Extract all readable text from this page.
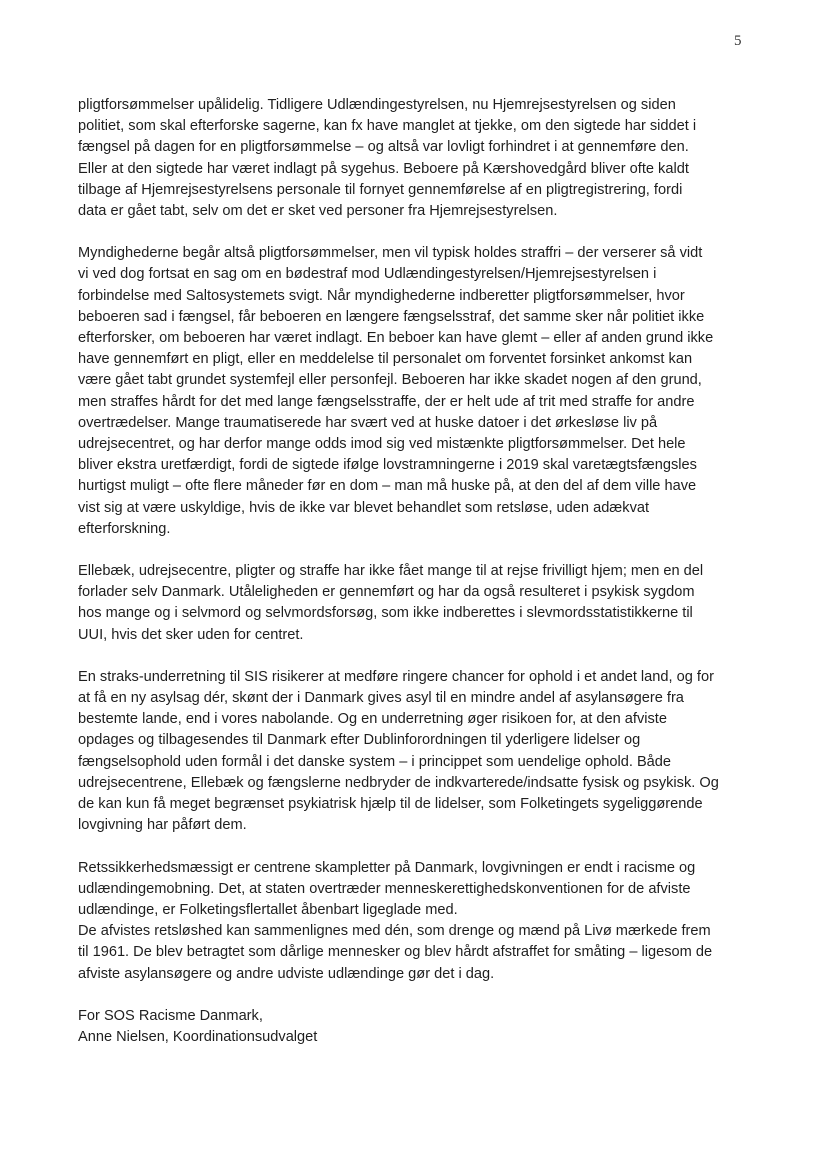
5

pligtforsømmelser upålidelig. Tidligere Udlændingestyrelsen, nu Hjemrejsestyrelsen og siden
politiet, som skal efterforske sagerne, kan fx have manglet at tjekke, om den sigtede har siddet i
fængsel på dagen for en pligtforsømmelse – og altså var lovligt forhindret i at gennemføre den.
Eller at den sigtede har været indlagt på sygehus. Beboere på Kærshovedgård bliver ofte kaldt
tilbage af Hjemrejsestyrelsens personale til fornyet gennemførelse af en pligtregistrering, fordi
data er gået tabt, selv om det er sket ved personer fra Hjemrejsestyrelsen.

Myndighederne begår altså pligtforsømmelser, men vil typisk holdes straffri – der verserer så vidt
vi ved dog fortsat en sag om en bødestraf mod Udlændingestyrelsen/Hjemrejsestyrelsen i
forbindelse med Saltosystemets svigt. Når myndighederne indberetter pligtforsømmelser, hvor
beboeren sad i fængsel, får beboeren en længere fængselsstraf, det samme sker når politiet ikke
efterforsker, om beboeren har været indlagt. En beboer kan have glemt – eller af anden grund ikke
have gennemført en pligt, eller en meddelelse til personalet om forventet forsinket ankomst kan
være gået tabt grundet systemfejl eller personfejl. Beboeren har ikke skadet nogen af den grund,
men straffes hårdt for det med lange fængselsstraffe, der er helt ude af trit med straffe for andre
overtrædelser. Mange traumatiserede har svært ved at huske datoer i det ørkesløse liv på
udrejsecentret, og har derfor mange odds imod sig ved mistænkte pligtforsømmelser. Det hele
bliver ekstra uretfærdigt, fordi de sigtede ifølge lovstramningerne i 2019 skal varetægtsfængsles
hurtigst muligt – ofte flere måneder før en dom – man må huske på, at den del af dem ville have
vist sig at være uskyldige, hvis de ikke var blevet behandlet som retsløse, uden adækvat
efterforskning.

Ellebæk, udrejsecentre, pligter og straffe har ikke fået mange til at rejse frivilligt hjem; men en del
forlader selv Danmark. Utåleligheden er gennemført og har da også resulteret i psykisk sygdom
hos mange og i selvmord og selvmordsforsøg, som ikke indberettes i slevmordsstatistikkerne til
UUI, hvis det sker uden for centret.

En straks-underretning til SIS risikerer at medføre ringere chancer for ophold i et andet land, og for
at få en ny asylsag dér, skønt der i Danmark gives asyl til en mindre andel af asylansøgere fra
bestemte lande, end i vores nabolande. Og en underretning øger risikoen for, at den afviste
opdages og tilbagesendes til Danmark efter Dublinforordningen til yderligere lidelser og
fængselsophold uden formål i det danske system – i princippet som uendelige ophold. Både
udrejsecentrene, Ellebæk og fængslerne nedbryder de indkvarterede/indsatte fysisk og psykisk. Og
de kan kun få meget begrænset psykiatrisk hjælp til de lidelser, som Folketingets sygeliggørende
lovgivning har påført dem.

Retssikkerhedsmæssigt er centrene skampletter på Danmark, lovgivningen er endt i racisme og
udlændingemobning. Det, at staten overtræder menneskerettighedskonventionen for de afviste
udlændinge, er Folketingsflertallet åbenbart ligeglade med.

De afvistes retsløshed kan sammenlignes med dén, som drenge og mænd på Livø mærkede frem
til 1961. De blev betragtet som dårlige mennesker og blev hårdt afstraffet for småting – ligesom de
afviste asylansøgere og andre udviste udlændinge gør det i dag.

For SOS Racisme Danmark,
Anne Nielsen, Koordinationsudvalget
